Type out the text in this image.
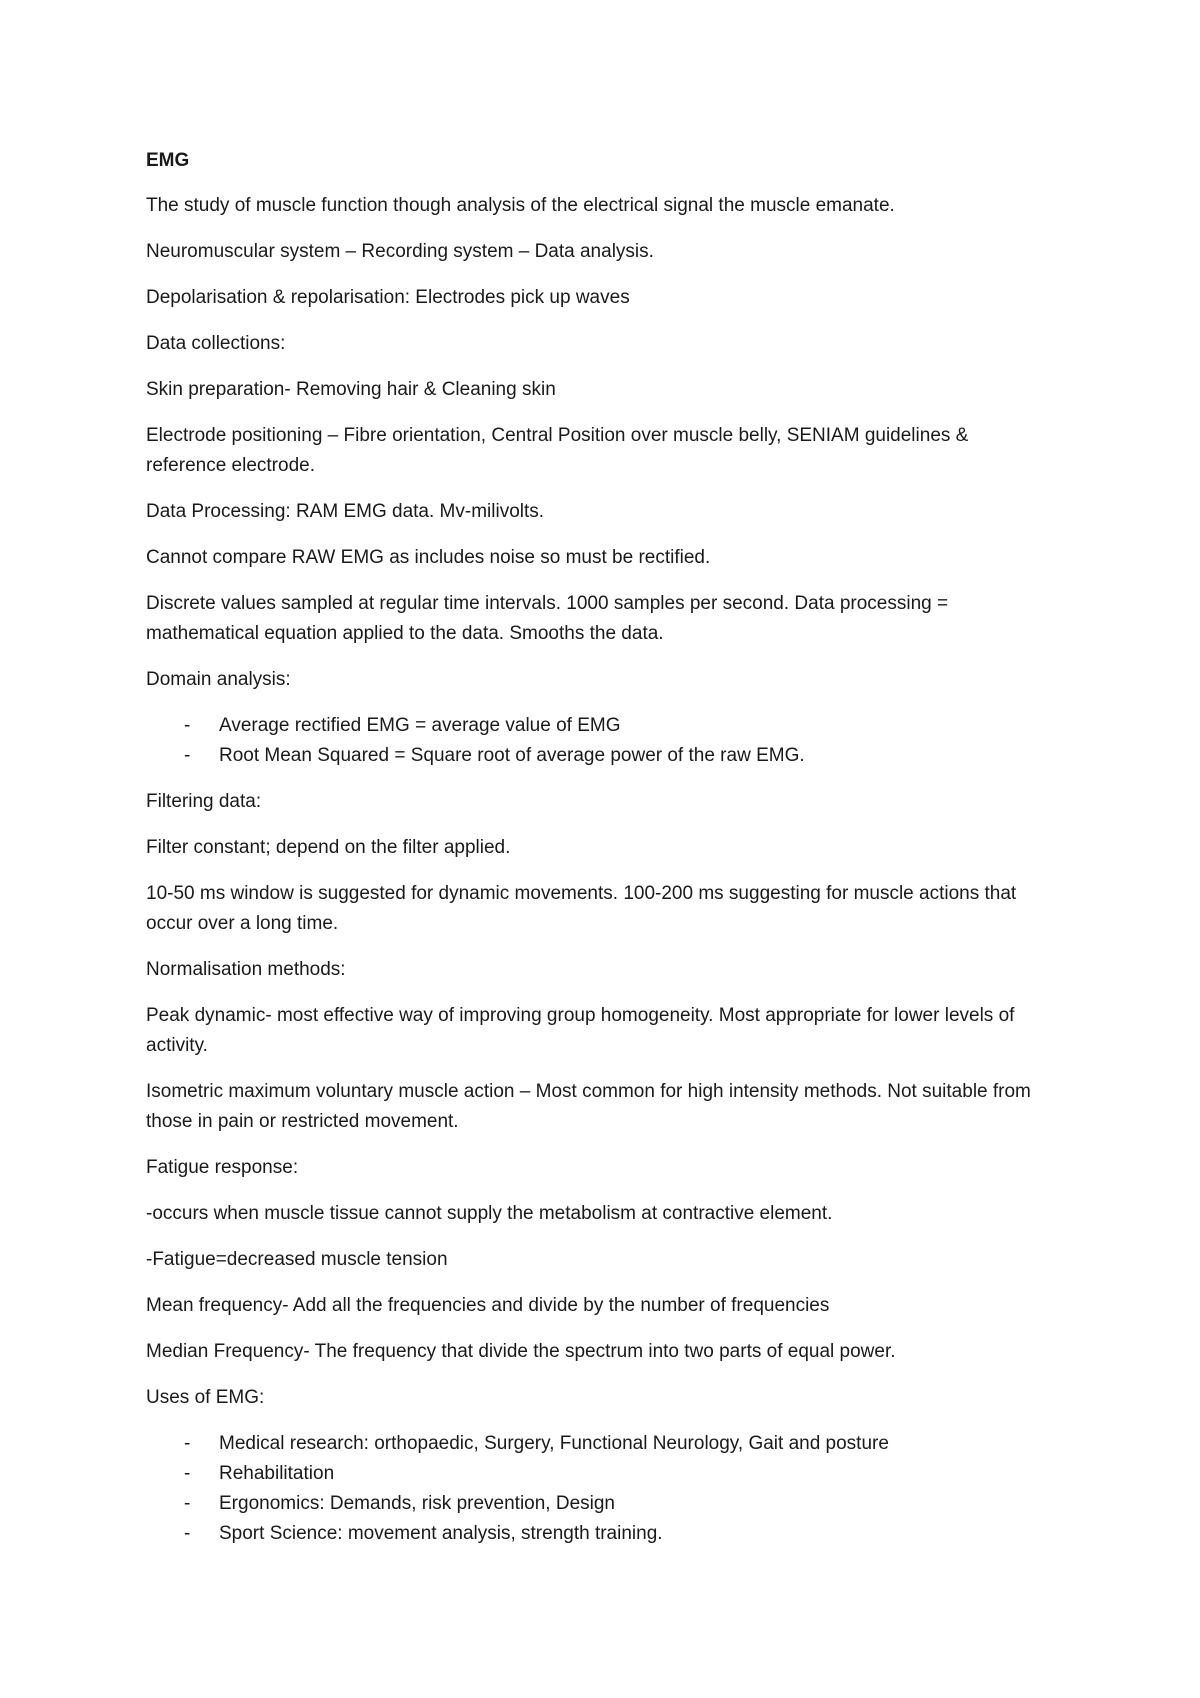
EMG

The study of muscle function though analysis of the electrical signal the muscle emanate.

Neuromuscular system – Recording system – Data analysis.

Depolarisation & repolarisation: Electrodes pick up waves

Data collections:

Skin preparation- Removing hair & Cleaning skin

Electrode positioning – Fibre orientation, Central Position over muscle belly, SENIAM guidelines & reference electrode.

Data Processing: RAM EMG data. Mv-milivolts.

Cannot compare RAW EMG as includes noise so must be rectified.

Discrete values sampled at regular time intervals. 1000 samples per second. Data processing = mathematical equation applied to the data. Smooths the data.

Domain analysis:

- Average rectified EMG = average value of EMG
- Root Mean Squared = Square root of average power of the raw EMG.

Filtering data:

Filter constant; depend on the filter applied.

10-50 ms window is suggested for dynamic movements. 100-200 ms suggesting for muscle actions that occur over a long time.

Normalisation methods:

Peak dynamic- most effective way of improving group homogeneity. Most appropriate for lower levels of activity.

Isometric maximum voluntary muscle action – Most common for high intensity methods. Not suitable from those in pain or restricted movement.

Fatigue response:

-occurs when muscle tissue cannot supply the metabolism at contractive element.

-Fatigue=decreased muscle tension

Mean frequency- Add all the frequencies and divide by the number of frequencies

Median Frequency- The frequency that divide the spectrum into two parts of equal power.

Uses of EMG:

- Medical research: orthopaedic, Surgery, Functional Neurology, Gait and posture
- Rehabilitation
- Ergonomics: Demands, risk prevention, Design
- Sport Science: movement analysis, strength training.
